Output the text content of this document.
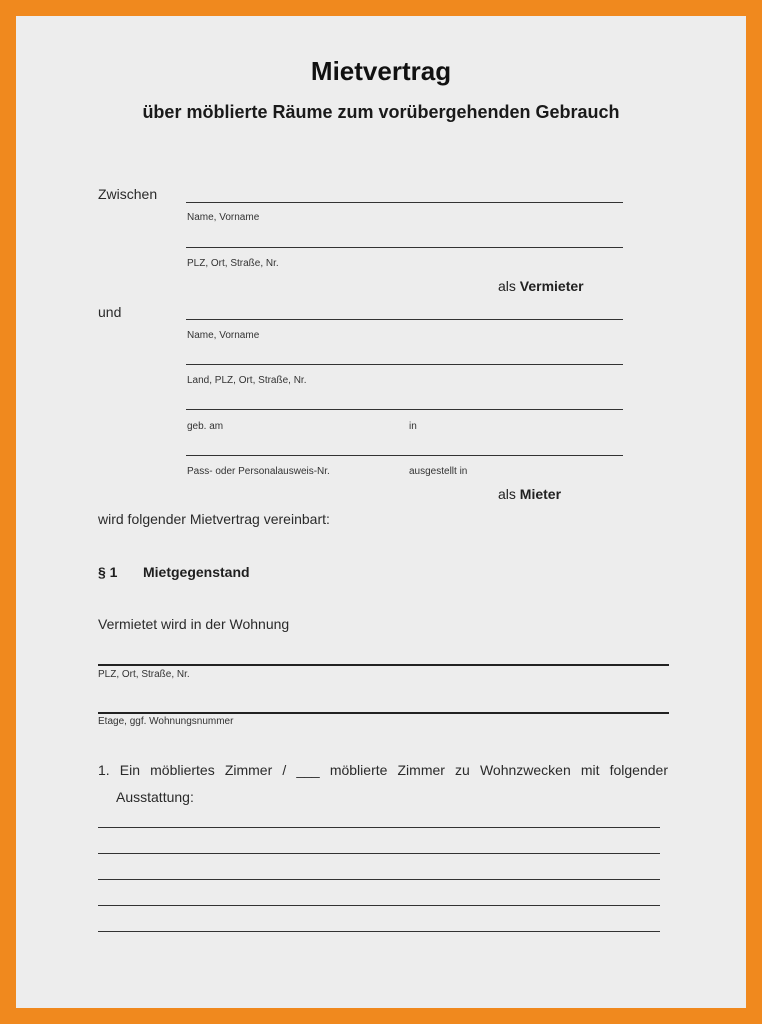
Mietvertrag
über möblierte Räume zum vorübergehenden Gebrauch
Zwischen
Name, Vorname
PLZ, Ort, Straße, Nr.
als Vermieter
und
Name, Vorname
Land, PLZ, Ort, Straße, Nr.
geb. am	in
Pass- oder Personalausweis-Nr.	ausgestellt in
als Mieter
wird folgender Mietvertrag vereinbart:
§ 1 Mietgegenstand
Vermietet wird in der Wohnung
PLZ, Ort, Straße, Nr.
Etage, ggf. Wohnungsnummer
1. Ein möbliertes Zimmer / ___ möblierte Zimmer zu Wohnzwecken mit folgender
Ausstattung:
